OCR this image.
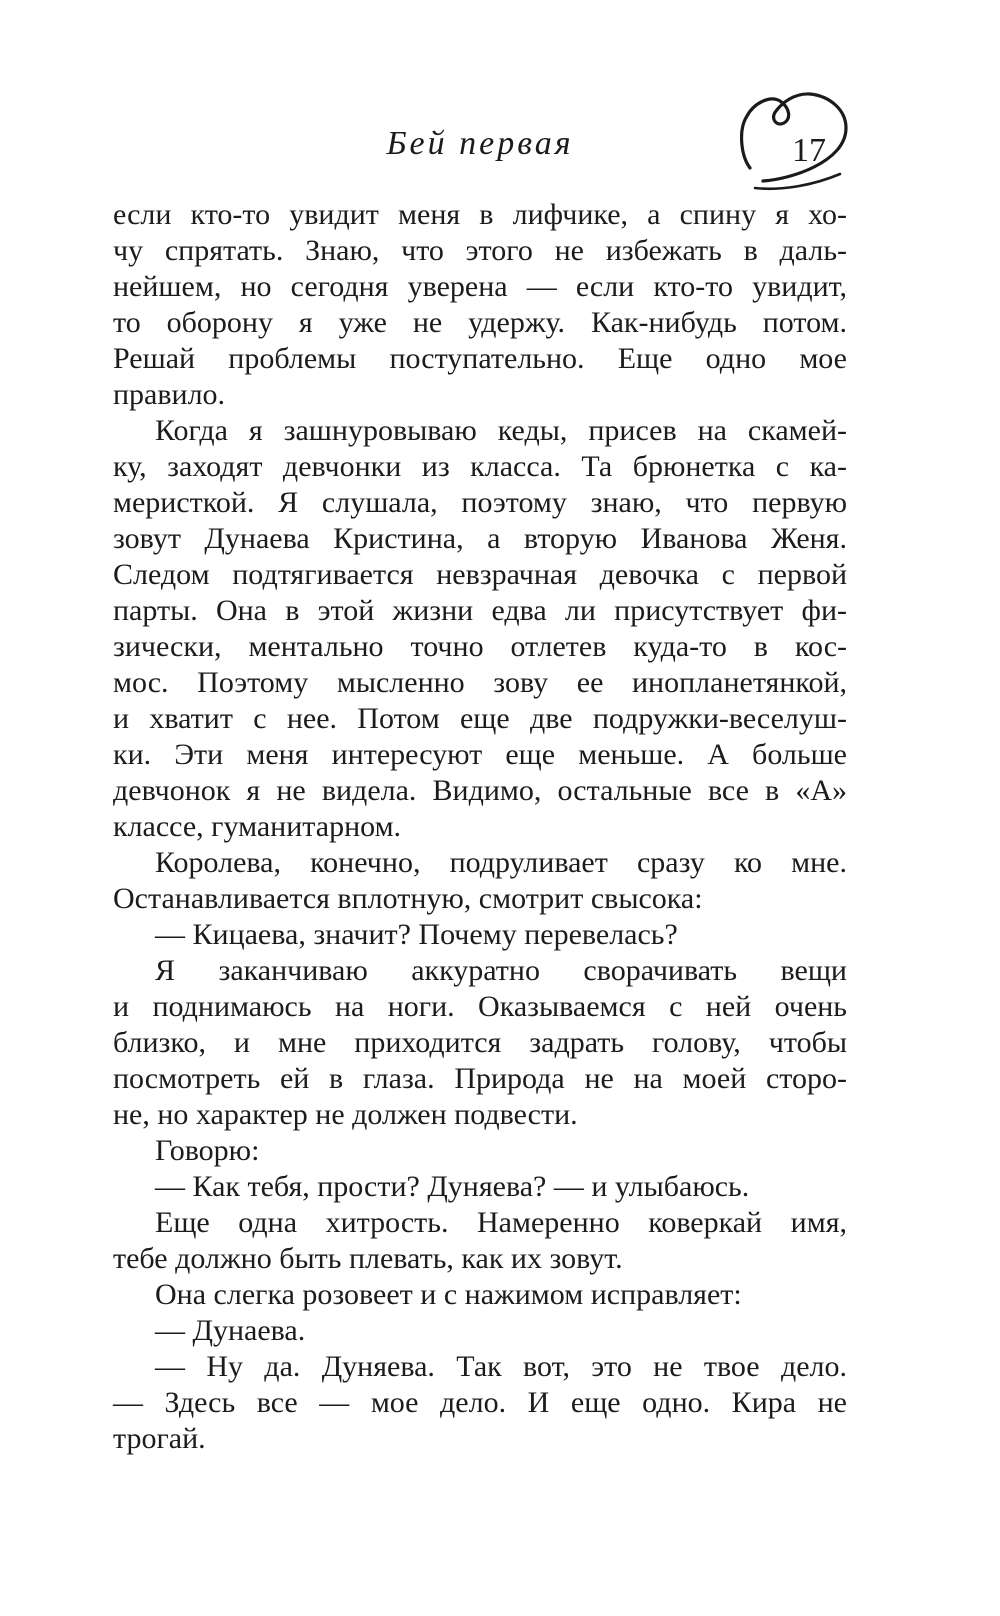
Бей первая	17
если кто-то увидит меня в лифчике, а спину я хо-
чу спрятать. Знаю, что этого не избежать в даль-
нейшем, но сегодня уверена — если кто-то увидит,
то оборону я уже не удержу. Как-нибудь потом.
Решай проблемы поступательно. Еще одно мое
правило.
Когда я зашнуровываю кеды, присев на скамей-
ку, заходят девчонки из класса. Та брюнетка с ка-
меристкой. Я слушала, поэтому знаю, что первую
зовут Дунаева Кристина, а вторую Иванова Женя.
Следом подтягивается невзрачная девочка с первой
парты. Она в этой жизни едва ли присутствует фи-
зически, ментально точно отлетев куда-то в кос-
мос. Поэтому мысленно зову ее инопланетянкой,
и хватит с нее. Потом еще две подружки-веселуш-
ки. Эти меня интересуют еще меньше. А больше
девчонок я не видела. Видимо, остальные все в «А»
классе, гуманитарном.
Королева, конечно, подруливает сразу ко мне.
Останавливается вплотную, смотрит свысока:
— Кицаева, значит? Почему перевелась?
Я заканчиваю аккуратно сворачивать вещи
и поднимаюсь на ноги. Оказываемся с ней очень
близко, и мне приходится задрать голову, чтобы
посмотреть ей в глаза. Природа не на моей сторо-
не, но характер не должен подвести.
Говорю:
— Как тебя, прости? Дуняева? — и улыбаюсь.
Еще одна хитрость. Намеренно коверкай имя,
тебе должно быть плевать, как их зовут.
Она слегка розовеет и с нажимом исправляет:
— Дунаева.
— Ну да. Дуняева. Так вот, это не твое дело.
— Здесь все — мое дело. И еще одно. Кира не
трогай.
